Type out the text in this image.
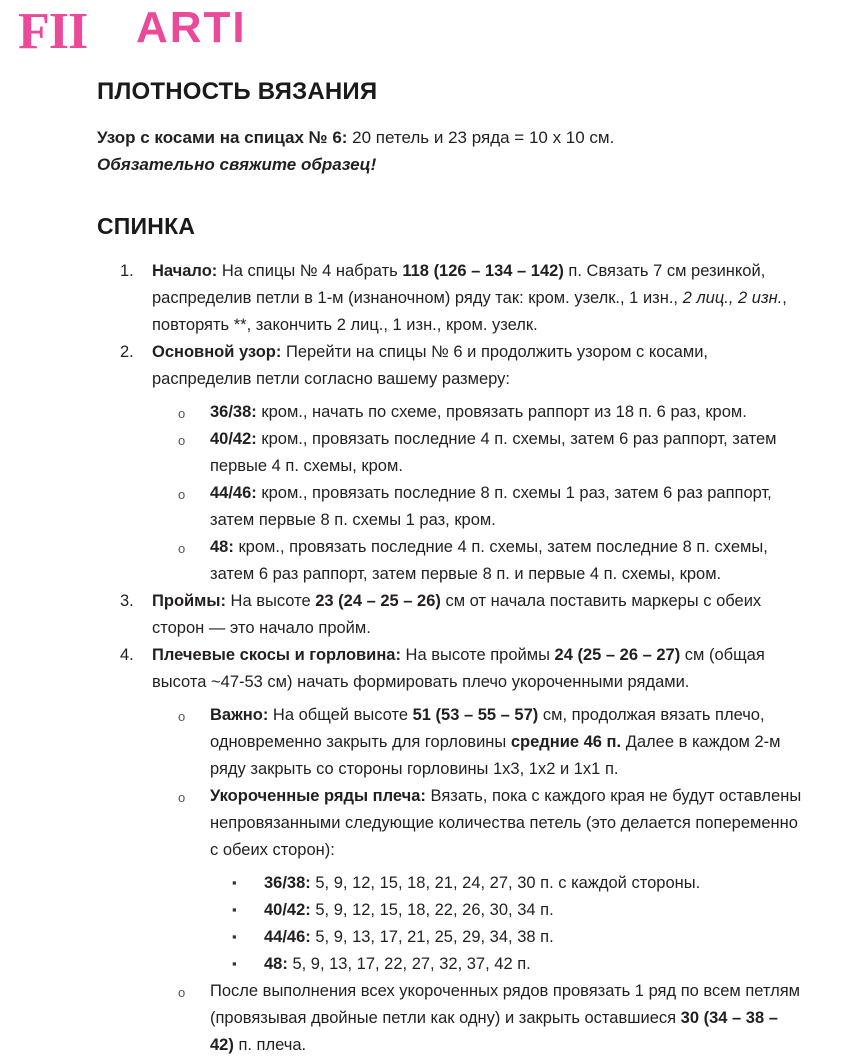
FII ARTI
ПЛОТНОСТЬ ВЯЗАНИЯ
Узор с косами на спицах № 6: 20 петель и 23 ряда = 10 x 10 см.
Обязательно свяжите образец!
СПИНКА
1.	Начало: На спицы № 4 набрать 118 (126 – 134 – 142) п. Связать 7 см резинкой, распределив петли в 1-м (изнаночном) ряду так: кром. узелк., 1 изн., 2 лиц., 2 изн., повторять **, закончить 2 лиц., 1 изн., кром. узелк.
2.	Основной узор: Перейти на спицы № 6 и продолжить узором с косами, распределив петли согласно вашему размеру:
o	36/38: кром., начать по схеме, провязать раппорт из 18 п. 6 раз, кром.
o	40/42: кром., провязать последние 4 п. схемы, затем 6 раз раппорт, затем первые 4 п. схемы, кром.
o	44/46: кром., провязать последние 8 п. схемы 1 раз, затем 6 раз раппорт, затем первые 8 п. схемы 1 раз, кром.
o	48: кром., провязать последние 4 п. схемы, затем последние 8 п. схемы, затем 6 раз раппорт, затем первые 8 п. и первые 4 п. схемы, кром.
3.	Проймы: На высоте 23 (24 – 25 – 26) см от начала поставить маркеры с обеих сторон — это начало пройм.
4.	Плечевые скосы и горловина: На высоте проймы 24 (25 – 26 – 27) см (общая высота ~47-53 см) начать формировать плечо укороченными рядами.
o	Важно: На общей высоте 51 (53 – 55 – 57) см, продолжая вязать плечо, одновременно закрыть для горловины средние 46 п. Далее в каждом 2-м ряду закрыть со стороны горловины 1x3, 1x2 и 1x1 п.
o	Укороченные ряды плеча: Вязать, пока с каждого края не будут оставлены непровязанными следующие количества петель (это делается попеременно с обеих сторон):
▪	36/38: 5, 9, 12, 15, 18, 21, 24, 27, 30 п. с каждой стороны.
▪	40/42: 5, 9, 12, 15, 18, 22, 26, 30, 34 п.
▪	44/46: 5, 9, 13, 17, 21, 25, 29, 34, 38 п.
▪	48: 5, 9, 13, 17, 22, 27, 32, 37, 42 п.
o	После выполнения всех укороченных рядов провязать 1 ряд по всем петлям (провязывая двойные петли как одну) и закрыть оставшиеся 30 (34 – 38 – 42) п. плеча.
